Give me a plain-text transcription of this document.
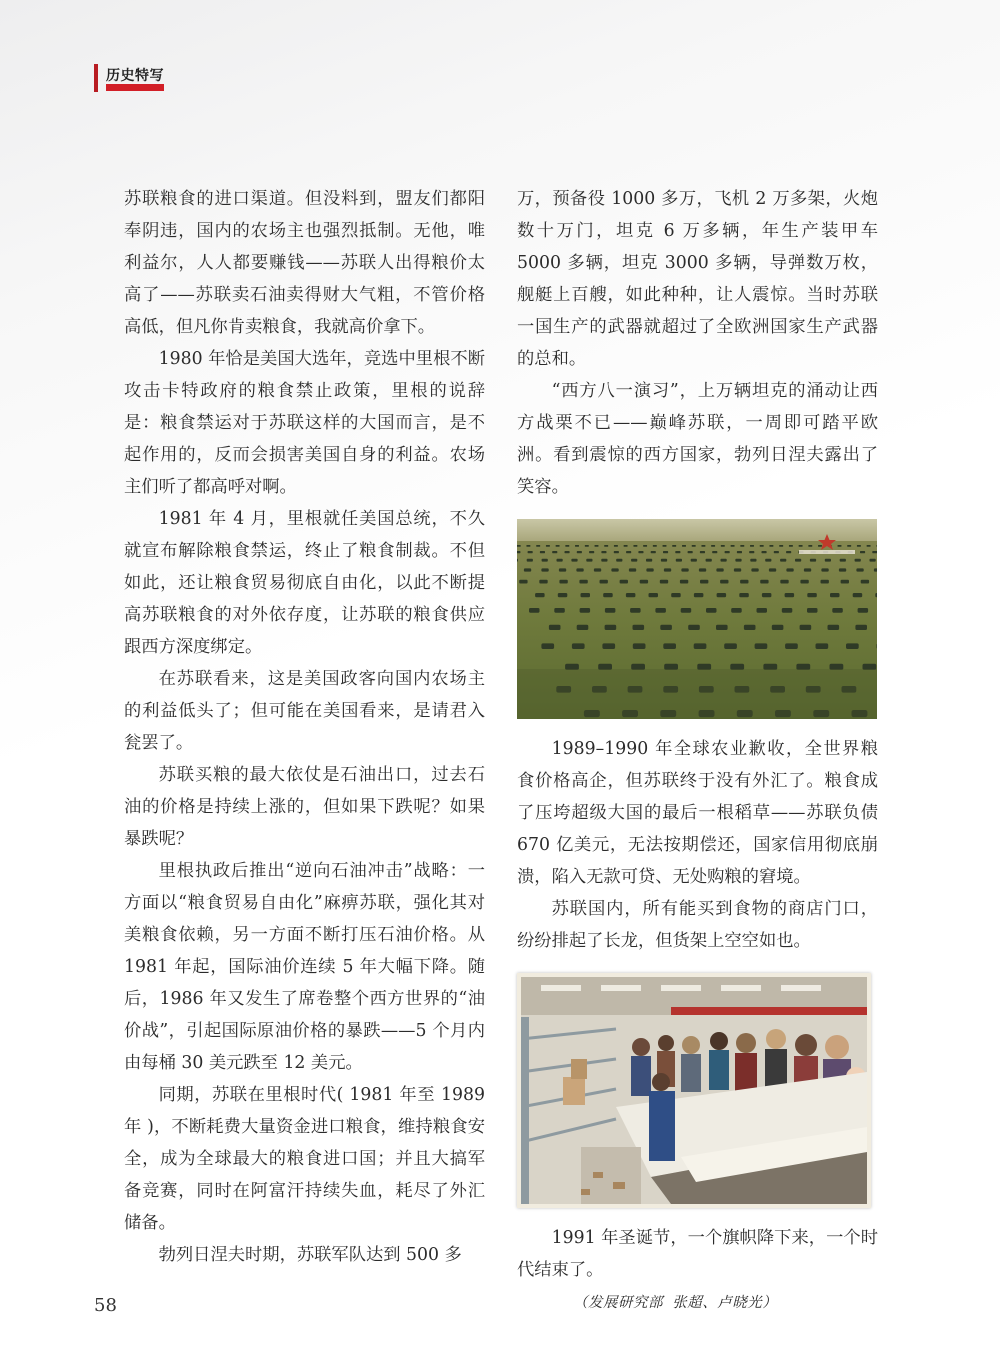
历史特写

苏联粮食的进口渠道。但没料到，盟友们都阳奉阴违，国内的农场主也强烈抵制。无他，唯利益尔，人人都要赚钱——苏联人出得粮价太高了——苏联卖石油卖得财大气粗，不管价格高低，但凡你肯卖粮食，我就高价拿下。

1980 年恰是美国大选年，竞选中里根不断攻击卡特政府的粮食禁止政策，里根的说辞是：粮食禁运对于苏联这样的大国而言，是不起作用的，反而会损害美国自身的利益。农场主们听了都高呼对啊。

1981 年 4 月，里根就任美国总统，不久就宣布解除粮食禁运，终止了粮食制裁。不但如此，还让粮食贸易彻底自由化，以此不断提高苏联粮食的对外依存度，让苏联的粮食供应跟西方深度绑定。

在苏联看来，这是美国政客向国内农场主的利益低头了；但可能在美国看来，是请君入瓮罢了。

苏联买粮的最大依仗是石油出口，过去石油的价格是持续上涨的，但如果下跌呢？如果暴跌呢？

里根执政后推出“逆向石油冲击”战略：一方面以“粮食贸易自由化”麻痹苏联，强化其对美粮食依赖，另一方面不断打压石油价格。从 1981 年起，国际油价连续 5 年大幅下降。随后，1986 年又发生了席卷整个西方世界的“油价战”，引起国际原油价格的暴跌——5 个月内由每桶 30 美元跌至 12 美元。

同期，苏联在里根时代( 1981 年至 1989 年 )，不断耗费大量资金进口粮食，维持粮食安全，成为全球最大的粮食进口国；并且大搞军备竞赛，同时在阿富汗持续失血，耗尽了外汇储备。

勃列日涅夫时期，苏联军队达到 500 多

万，预备役 1000 多万，飞机 2 万多架，火炮数十万门，坦克 6 万多辆，年生产装甲车 5000 多辆，坦克 3000 多辆，导弹数万枚，舰艇上百艘，如此种种，让人震惊。当时苏联一国生产的武器就超过了全欧洲国家生产武器的总和。

“西方八一演习”，上万辆坦克的涌动让西方战栗不已——巅峰苏联，一周即可踏平欧洲。看到震惊的西方国家，勃列日涅夫露出了笑容。

1989–1990 年全球农业歉收，全世界粮食价格高企，但苏联终于没有外汇了。粮食成了压垮超级大国的最后一根稻草——苏联负债 670 亿美元，无法按期偿还，国家信用彻底崩溃，陷入无款可贷、无处购粮的窘境。

苏联国内，所有能买到食物的商店门口，纷纷排起了长龙，但货架上空空如也。

1991 年圣诞节，一个旗帜降下来，一个时代结束了。

（发展研究部 张超、卢晓光）

58
